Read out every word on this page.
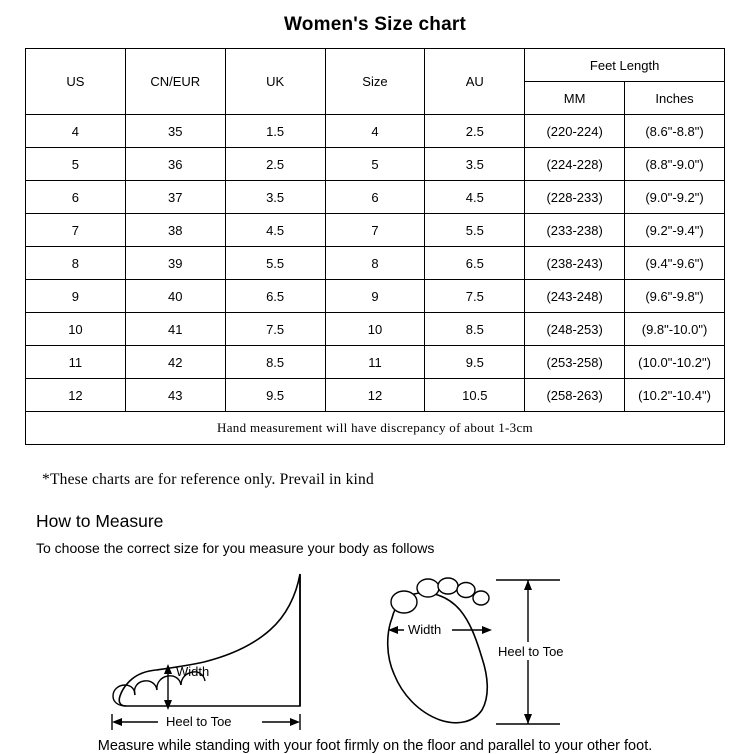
Women's Size chart
US	CN/EUR	UK	Size	AU	Feet Length	
					MM	Inches
4	35	1.5	4	2.5	(220-224)	(8.6"-8.8")
5	36	2.5	5	3.5	(224-228)	(8.8"-9.0")
6	37	3.5	6	4.5	(228-233)	(9.0"-9.2")
7	38	4.5	7	5.5	(233-238)	(9.2"-9.4")
8	39	5.5	8	6.5	(238-243)	(9.4"-9.6")
9	40	6.5	9	7.5	(243-248)	(9.6"-9.8")
10	41	7.5	10	8.5	(248-253)	(9.8"-10.0")
11	42	8.5	11	9.5	(253-258)	(10.0"-10.2")
12	43	9.5	12	10.5	(258-263)	(10.2"-10.4")
Hand measurement will have discrepancy of about 1-3cm						
*These charts are for reference only. Prevail in kind
How to Measure
To choose the correct size for you measure your body as follows
Width
Heel to Toe
Width
Heel to Toe
Measure while standing with your foot firmly on the floor and parallel to your other foot.
